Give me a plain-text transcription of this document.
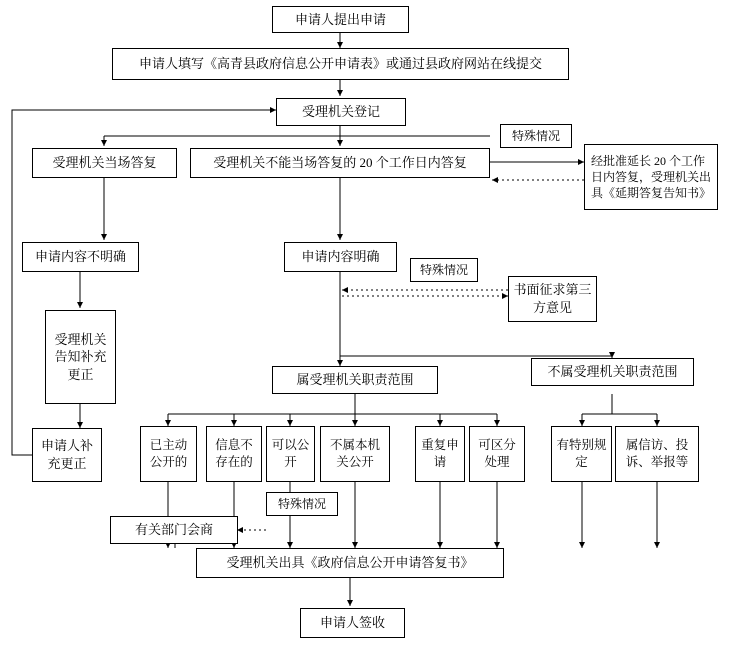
申请人提出申请
申请人填写《高青县政府信息公开申请表》或通过县政府网站在线提交
受理机关登记
特殊情况
受理机关当场答复	受理机关不能当场答复的 20 个工作日内答复	经批准延长 20 个工作日内答复，受理机关出具《延期答复告知书》
申请内容不明确	申请内容明确
特殊情况
书面征求第三方意见
受理机关告知补充更正	属受理机关职责范围
不属受理机关职责范围
申请人补充更正
已主动公开的
信息不存在的
可以公开
不属本机关公开
重复申请
可区分处理
有特别规定
属信访、投诉、举报等
特殊情况
有关部门会商
受理机关出具《政府信息公开申请答复书》
申请人签收
